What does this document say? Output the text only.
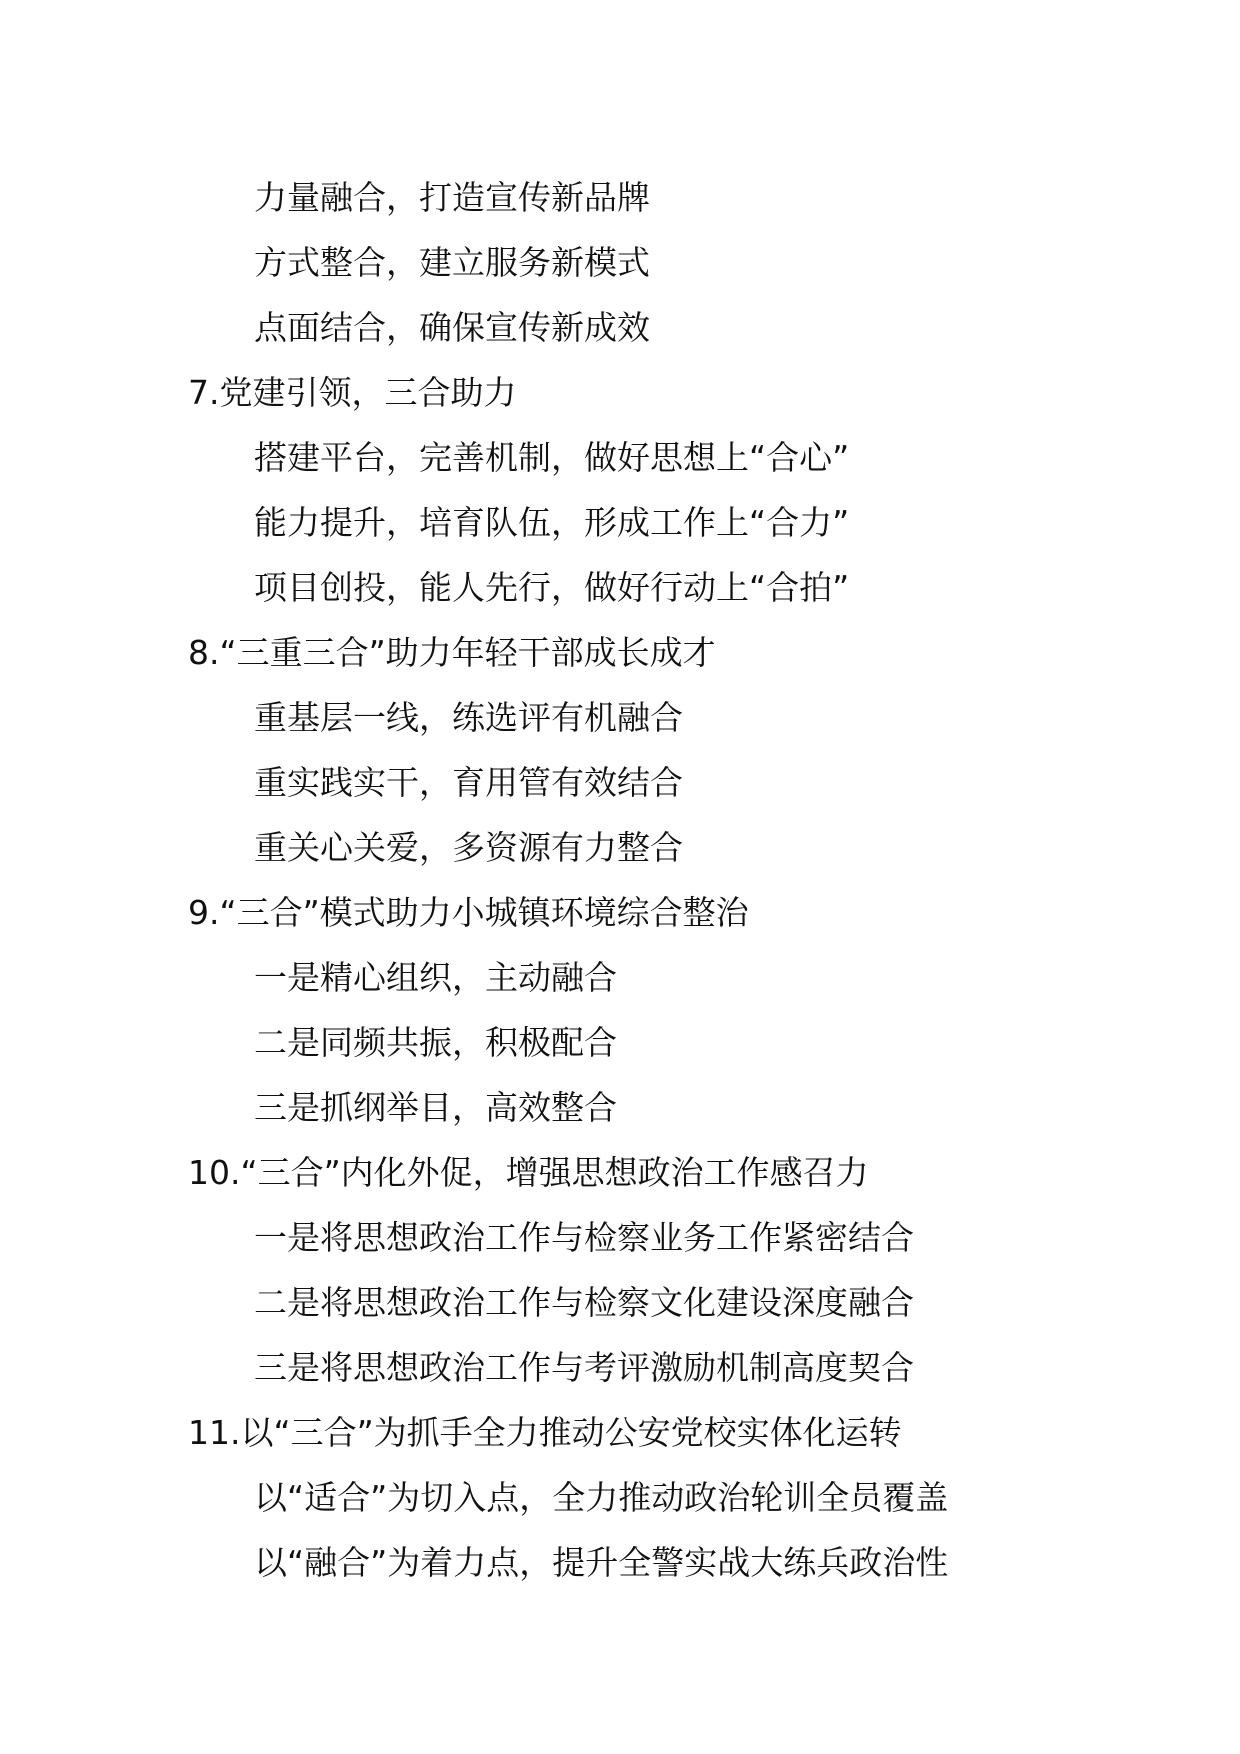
力量融合，打造宣传新品牌
方式整合，建立服务新模式
点面结合，确保宣传新成效
7.党建引领，三合助力
搭建平台，完善机制，做好思想上“合心”
能力提升，培育队伍，形成工作上“合力”
项目创投，能人先行，做好行动上“合拍”
8.“三重三合”助力年轻干部成长成才
重基层一线，练选评有机融合
重实践实干，育用管有效结合
重关心关爱，多资源有力整合
9.“三合”模式助力小城镇环境综合整治
一是精心组织，主动融合
二是同频共振，积极配合
三是抓纲举目，高效整合
10.“三合”内化外促，增强思想政治工作感召力
一是将思想政治工作与检察业务工作紧密结合
二是将思想政治工作与检察文化建设深度融合
三是将思想政治工作与考评激励机制高度契合
11.以“三合”为抓手全力推动公安党校实体化运转
以“适合”为切入点，全力推动政治轮训全员覆盖
以“融合”为着力点，提升全警实战大练兵政治性
